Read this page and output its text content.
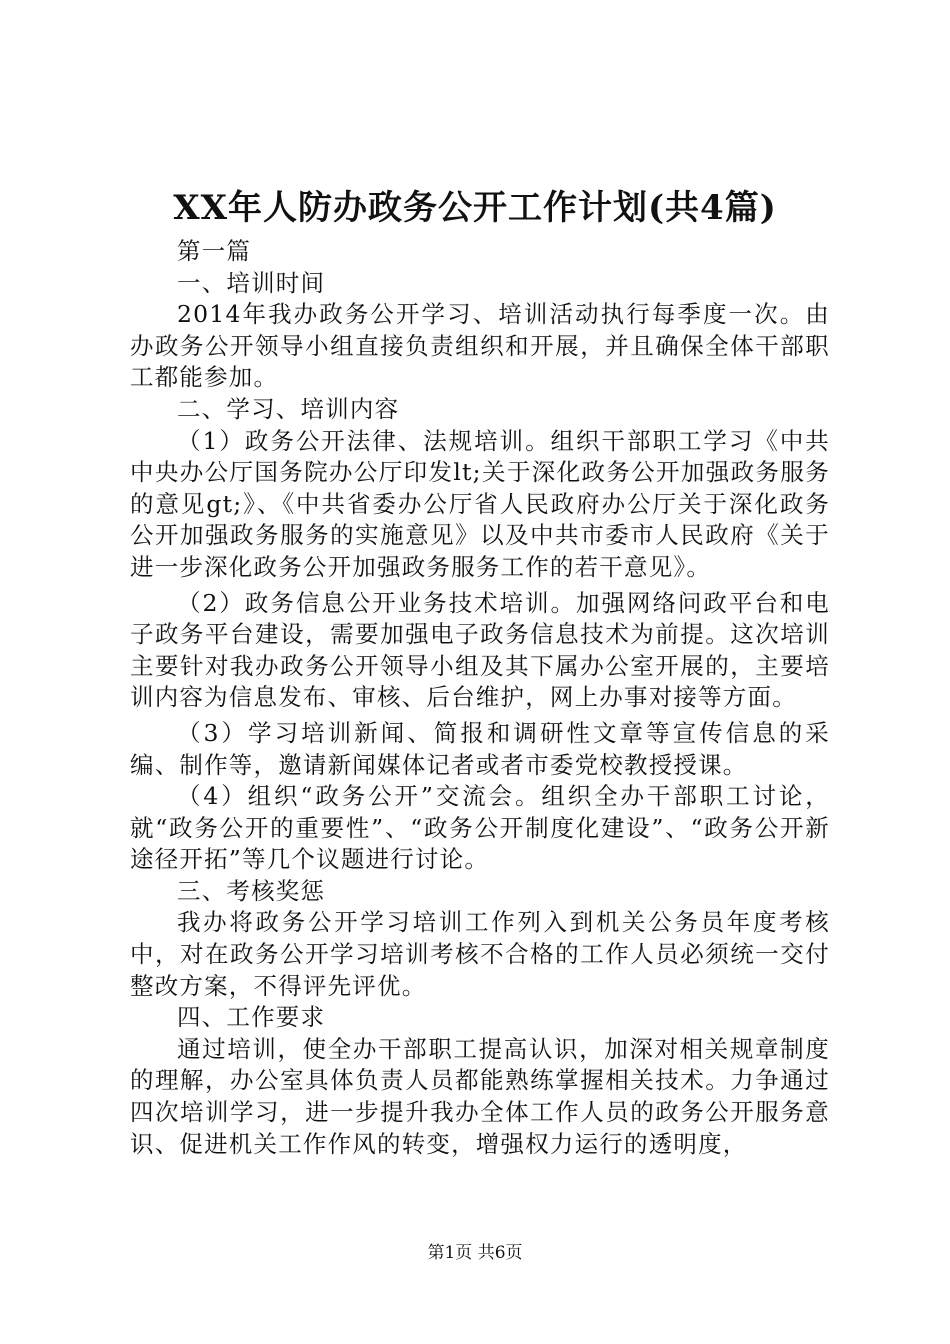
XX年人防办政务公开工作计划(共4篇)

第一篇

一、培训时间

2014年我办政务公开学习、培训活动执行每季度一次。由办政务公开领导小组直接负责组织和开展，并且确保全体干部职工都能参加。

二、学习、培训内容

（1）政务公开法律、法规培训。组织干部职工学习《中共中央办公厅国务院办公厅印发lt;关于深化政务公开加强政务服务的意见gt;》、《中共省委办公厅省人民政府办公厅关于深化政务公开加强政务服务的实施意见》以及中共市委市人民政府《关于进一步深化政务公开加强政务服务工作的若干意见》。

（2）政务信息公开业务技术培训。加强网络问政平台和电子政务平台建设，需要加强电子政务信息技术为前提。这次培训主要针对我办政务公开领导小组及其下属办公室开展的，主要培训内容为信息发布、审核、后台维护，网上办事对接等方面。

（3）学习培训新闻、简报和调研性文章等宣传信息的采编、制作等，邀请新闻媒体记者或者市委党校教授授课。

（4）组织“政务公开”交流会。组织全办干部职工讨论，就“政务公开的重要性”、“政务公开制度化建设”、“政务公开新途径开拓”等几个议题进行讨论。

三、考核奖惩

我办将政务公开学习培训工作列入到机关公务员年度考核中，对在政务公开学习培训考核不合格的工作人员必须统一交付整改方案，不得评先评优。

四、工作要求

通过培训，使全办干部职工提高认识，加深对相关规章制度的理解，办公室具体负责人员都能熟练掌握相关技术。力争通过四次培训学习，进一步提升我办全体工作人员的政务公开服务意识、促进机关工作作风的转变，增强权力运行的透明度，

第1页 共6页
